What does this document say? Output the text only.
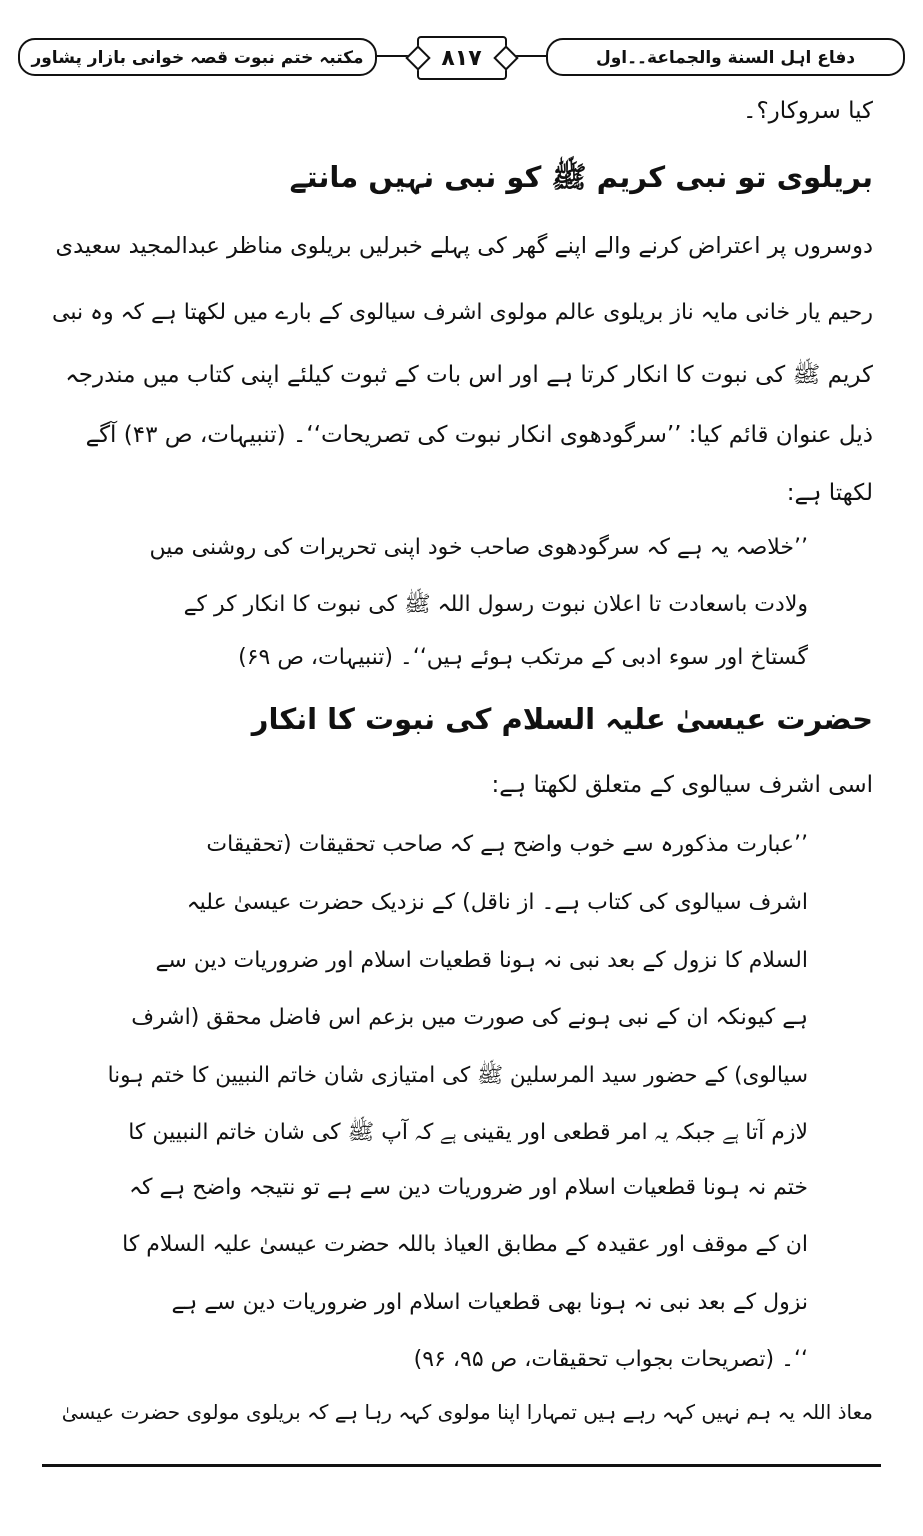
دفاع اہل السنة والجماعة۔۔اول
۸۱۷
مکتبہ ختم نبوت قصہ خوانی بازار پشاور
کیا سروکار؟۔
بریلوی تو نبی کریم ﷺ کو نبی نہیں مانتے
دوسروں پر اعتراض کرنے والے اپنے گھر کی پہلے خبرلیں بریلوی مناظر عبدالمجید سعیدی
رحیم یار خانی مایہ ناز بریلوی عالم مولوی اشرف سیالوی کے بارے میں لکھتا ہے کہ وہ نبی
کریم ﷺ کی نبوت کا انکار کرتا ہے اور اس بات کے ثبوت کیلئے اپنی کتاب میں مندرجہ
ذیل عنوان قائم کیا: ’’سرگودھوی انکار نبوت کی تصریحات‘‘۔ (تنبیہات، ص ۴۳) آگے
لکھتا ہے:
’’خلاصہ یہ ہے کہ سرگودھوی صاحب خود اپنی تحریرات کی روشنی میں
ولادت باسعادت تا اعلان نبوت رسول اللہ ﷺ کی نبوت کا انکار کر کے
گستاخ اور سوء ادبی کے مرتکب ہوئے ہیں‘‘۔ (تنبیہات، ص ۶۹)
حضرت عیسیٰ علیہ السلام کی نبوت کا انکار
اسی اشرف سیالوی کے متعلق لکھتا ہے:
’’عبارت مذکورہ سے خوب واضح ہے کہ صاحب تحقیقات (تحقیقات
اشرف سیالوی کی کتاب ہے۔ از ناقل) کے نزدیک حضرت عیسیٰ علیہ
السلام کا نزول کے بعد نبی نہ ہونا قطعیات اسلام اور ضروریات دین سے
ہے کیونکہ ان کے نبی ہونے کی صورت میں بزعم اس فاضل محقق (اشرف
سیالوی) کے حضور سید المرسلین ﷺ کی امتیازی شان خاتم النبیین کا ختم ہونا
لازم آتا ہے جبکہ یہ امر قطعی اور یقینی ہے کہ آپ ﷺ کی شان خاتم النبیین کا
ختم نہ ہونا قطعیات اسلام اور ضروریات دین سے ہے تو نتیجہ واضح ہے کہ
ان کے موقف اور عقیدہ کے مطابق العیاذ باللہ حضرت عیسیٰ علیہ السلام کا
نزول کے بعد نبی نہ ہونا بھی قطعیات اسلام اور ضروریات دین سے ہے
‘‘۔ (تصریحات بجواب تحقیقات، ص ۹۵، ۹۶)
معاذ اللہ یہ ہم نہیں کہہ رہے ہیں تمہارا اپنا مولوی کہہ رہا ہے کہ بریلوی مولوی حضرت عیسیٰ
